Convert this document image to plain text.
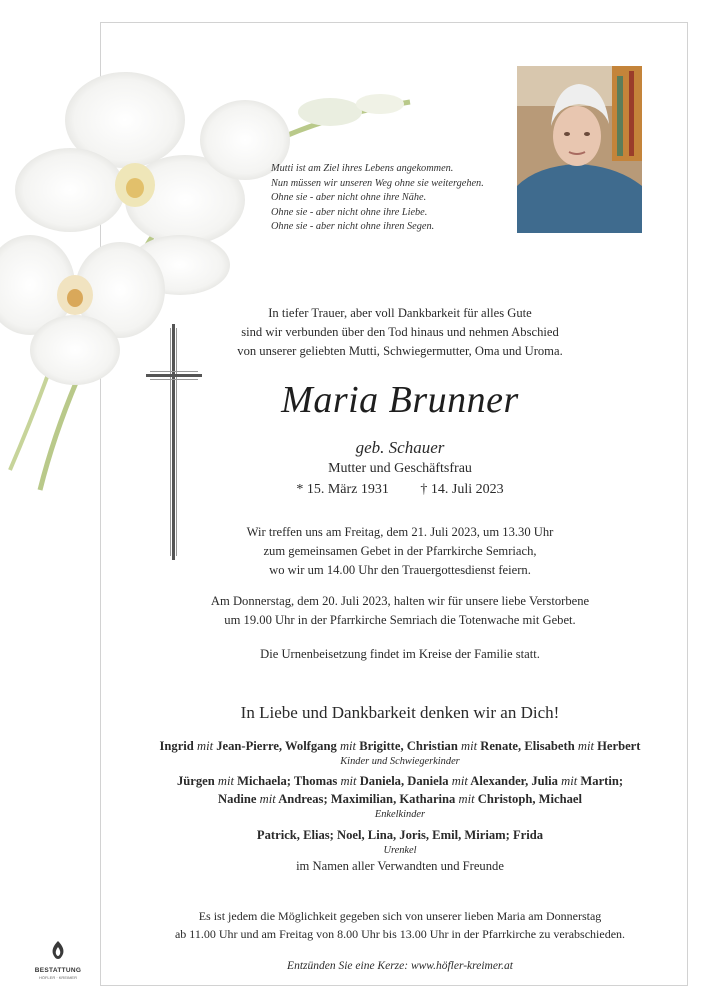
Mutti ist am Ziel ihres Lebens angekommen.
Nun müssen wir unseren Weg ohne sie weitergehen.
Ohne sie - aber nicht ohne ihre Nähe.
Ohne sie - aber nicht ohne ihre Liebe.
Ohne sie - aber nicht ohne ihren Segen.
In tiefer Trauer, aber voll Dankbarkeit für alles Gute
sind wir verbunden über den Tod hinaus und nehmen Abschied
von unserer geliebten Mutti, Schwiegermutter, Oma und Uroma.
Maria Brunner
geb. Schauer
Mutter und Geschäftsfrau
* 15. März 1931 † 14. Juli 2023
Wir treffen uns am Freitag, dem 21. Juli 2023, um 13.30 Uhr
zum gemeinsamen Gebet in der Pfarrkirche Semriach,
wo wir um 14.00 Uhr den Trauergottesdienst feiern.
Am Donnerstag, dem 20. Juli 2023, halten wir für unsere liebe Verstorbene
um 19.00 Uhr in der Pfarrkirche Semriach die Totenwache mit Gebet.
Die Urnenbeisetzung findet im Kreise der Familie statt.
In Liebe und Dankbarkeit denken wir an Dich!
Ingrid mit Jean-Pierre, Wolfgang mit Brigitte, Christian mit Renate, Elisabeth mit Herbert
Kinder und Schwiegerkinder
Jürgen mit Michaela; Thomas mit Daniela, Daniela mit Alexander, Julia mit Martin;
Nadine mit Andreas; Maximilian, Katharina mit Christoph, Michael
Enkelkinder
Patrick, Elias; Noel, Lina, Joris, Emil, Miriam; Frida
Urenkel
im Namen aller Verwandten und Freunde
Es ist jedem die Möglichkeit gegeben sich von unserer lieben Maria am Donnerstag
ab 11.00 Uhr und am Freitag von 8.00 Uhr bis 13.00 Uhr in der Pfarrkirche zu verabschieden.
Entzünden Sie eine Kerze: www.höfler-kreimer.at
BESTATTUNG
HÖFLER · KREIMER
